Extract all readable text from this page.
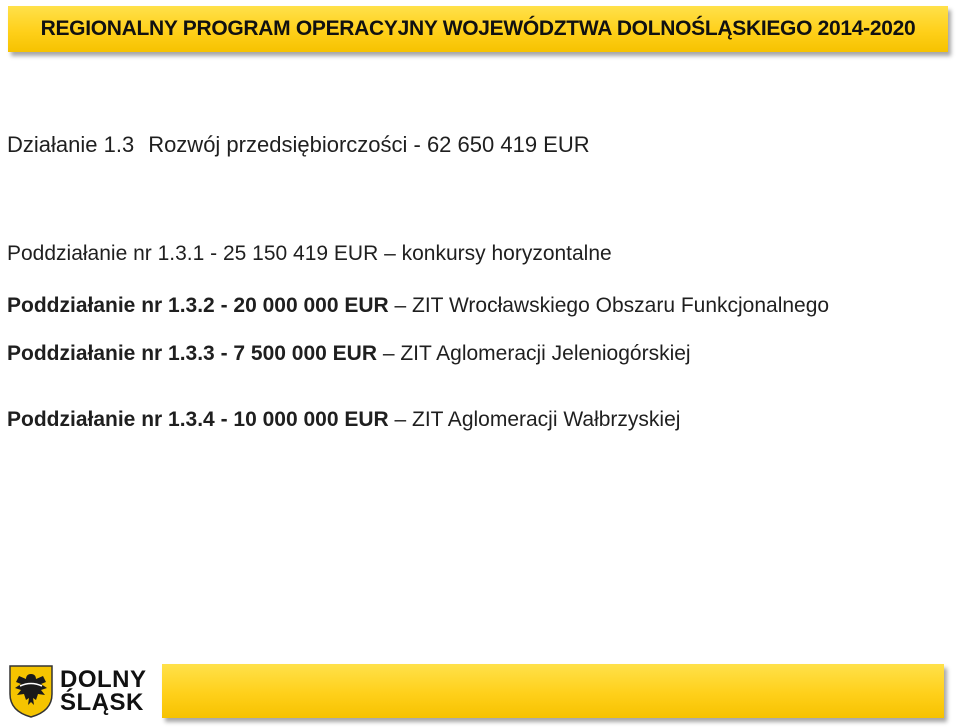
REGIONALNY PROGRAM OPERACYJNY WOJEWÓDZTWA DOLNOŚLĄSKIEGO 2014-2020
Działanie 1.3 Rozwój przedsiębiorczości - 62 650 419 EUR
Poddziałanie nr 1.3.1 - 25 150 419 EUR – konkursy horyzontalne
Poddziałanie nr 1.3.2 - 20 000 000 EUR – ZIT Wrocławskiego Obszaru Funkcjonalnego
Poddziałanie nr 1.3.3 - 7 500 000 EUR – ZIT Aglomeracji Jeleniogórskiej
Poddziałanie nr 1.3.4 - 10 000 000 EUR – ZIT Aglomeracji Wałbrzyskiej
DOLNY
ŚLĄSK
